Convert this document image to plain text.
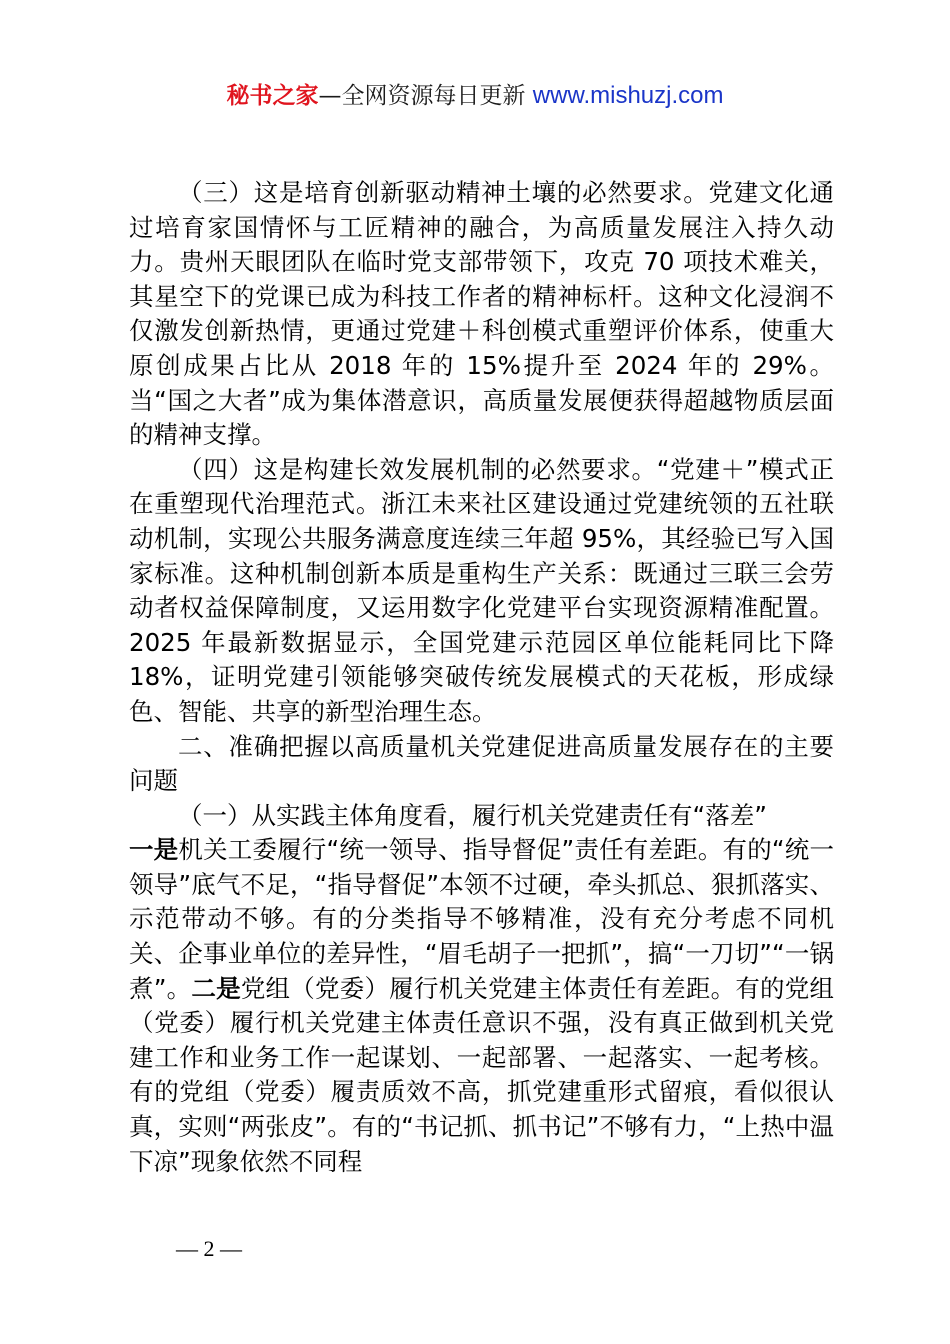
秘书之家—全网资源每日更新 www.mishuzj.com

（三）这是培育创新驱动精神土壤的必然要求。党建文化通过培育家国情怀与工匠精神的融合，为高质量发展注入持久动力。贵州天眼团队在临时党支部带领下，攻克 70 项技术难关，其星空下的党课已成为科技工作者的精神标杆。这种文化浸润不仅激发创新热情，更通过党建＋科创模式重塑评价体系，使重大原创成果占比从 2018 年的 15%提升至 2024 年的 29%。当“国之大者”成为集体潜意识，高质量发展便获得超越物质层面的精神支撑。

（四）这是构建长效发展机制的必然要求。“党建＋”模式正在重塑现代治理范式。浙江未来社区建设通过党建统领的五社联动机制，实现公共服务满意度连续三年超 95%，其经验已写入国家标准。这种机制创新本质是重构生产关系：既通过三联三会劳动者权益保障制度，又运用数字化党建平台实现资源精准配置。2025 年最新数据显示，全国党建示范园区单位能耗同比下降 18%，证明党建引领能够突破传统发展模式的天花板，形成绿色、智能、共享的新型治理生态。

二、准确把握以高质量机关党建促进高质量发展存在的主要问题

（一）从实践主体角度看，履行机关党建责任有“落差”

一是机关工委履行“统一领导、指导督促”责任有差距。有的“统一领导”底气不足，“指导督促”本领不过硬，牵头抓总、狠抓落实、示范带动不够。有的分类指导不够精准，没有充分考虑不同机关、企事业单位的差异性，“眉毛胡子一把抓”，搞“一刀切”“一锅煮”。二是党组（党委）履行机关党建主体责任有差距。有的党组（党委）履行机关党建主体责任意识不强，没有真正做到机关党建工作和业务工作一起谋划、一起部署、一起落实、一起考核。有的党组（党委）履责质效不高，抓党建重形式留痕，看似很认真，实则“两张皮”。有的“书记抓、抓书记”不够有力，“上热中温下凉”现象依然不同程

— 2 —
